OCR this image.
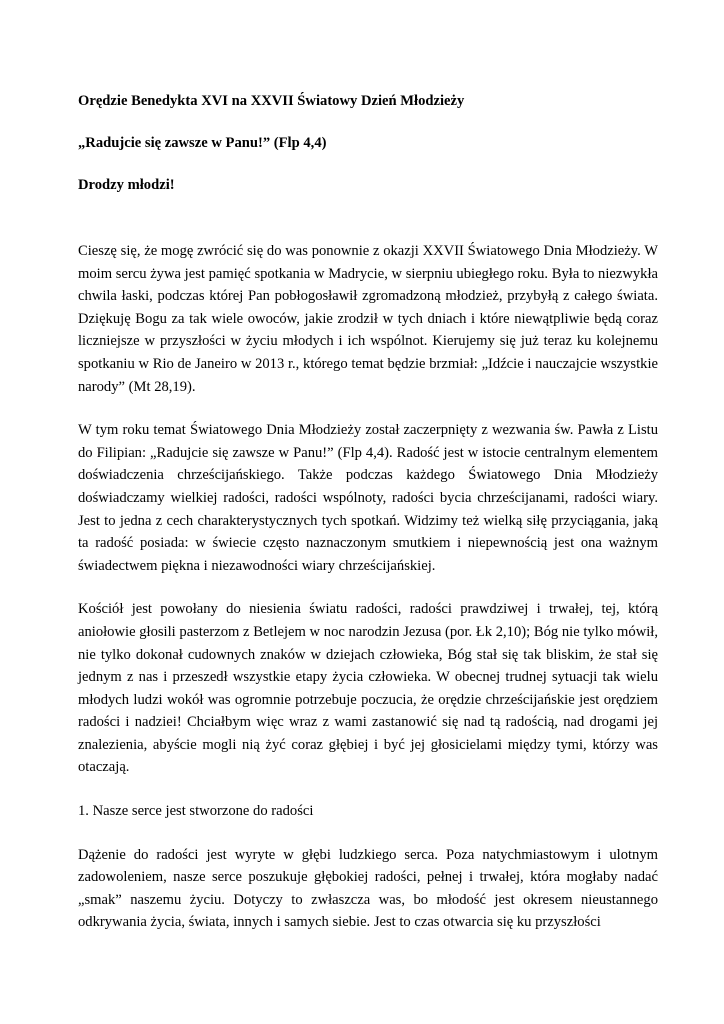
Orędzie Benedykta XVI na XXVII Światowy Dzień Młodzieży
„Radujcie się zawsze w Panu!” (Flp 4,4)
Drodzy młodzi!

Cieszę się, że mogę zwrócić się do was ponownie z okazji XXVII Światowego Dnia Młodzieży. W moim sercu żywa jest pamięć spotkania w Madrycie, w sierpniu ubiegłego roku. Była to niezwykła chwila łaski, podczas której Pan pobłogosławił zgromadzoną młodzież, przybyłą z całego świata. Dziękuję Bogu za tak wiele owoców, jakie zrodził w tych dniach i które niewątpliwie będą coraz liczniejsze w przyszłości w życiu młodych i ich wspólnot. Kierujemy się już teraz ku kolejnemu spotkaniu w Rio de Janeiro w 2013 r., którego temat będzie brzmiał: „Idźcie i nauczajcie wszystkie narody” (Mt 28,19).

W tym roku temat Światowego Dnia Młodzieży został zaczerpnięty z wezwania św. Pawła z Listu do Filipian: „Radujcie się zawsze w Panu!” (Flp 4,4). Radość jest w istocie centralnym elementem doświadczenia chrześcijańskiego. Także podczas każdego Światowego Dnia Młodzieży doświadczamy wielkiej radości, radości wspólnoty, radości bycia chrześcijanami, radości wiary. Jest to jedna z cech charakterystycznych tych spotkań. Widzimy też wielką siłę przyciągania, jaką ta radość posiada: w świecie często naznaczonym smutkiem i niepewnością jest ona ważnym świadectwem piękna i niezawodności wiary chrześcijańskiej.

Kościół jest powołany do niesienia światu radości, radości prawdziwej i trwałej, tej, którą aniołowie głosili pasterzom z Betlejem w noc narodzin Jezusa (por. Łk 2,10); Bóg nie tylko mówił, nie tylko dokonał cudownych znaków w dziejach człowieka, Bóg stał się tak bliskim, że stał się jednym z nas i przeszedł wszystkie etapy życia człowieka. W obecnej trudnej sytuacji tak wielu młodych ludzi wokół was ogromnie potrzebuje poczucia, że orędzie chrześcijańskie jest orędziem radości i nadziei! Chciałbym więc wraz z wami zastanowić się nad tą radością, nad drogami jej znalezienia, abyście mogli nią żyć coraz głębiej i być jej głosicielami między tymi, którzy was otaczają.

1. Nasze serce jest stworzone do radości

Dążenie do radości jest wyryte w głębi ludzkiego serca. Poza natychmiastowym i ulotnym zadowoleniem, nasze serce poszukuje głębokiej radości, pełnej i trwałej, która mogłaby nadać „smak” naszemu życiu. Dotyczy to zwłaszcza was, bo młodość jest okresem nieustannego odkrywania życia, świata, innych i samych siebie. Jest to czas otwarcia się ku przyszłości
